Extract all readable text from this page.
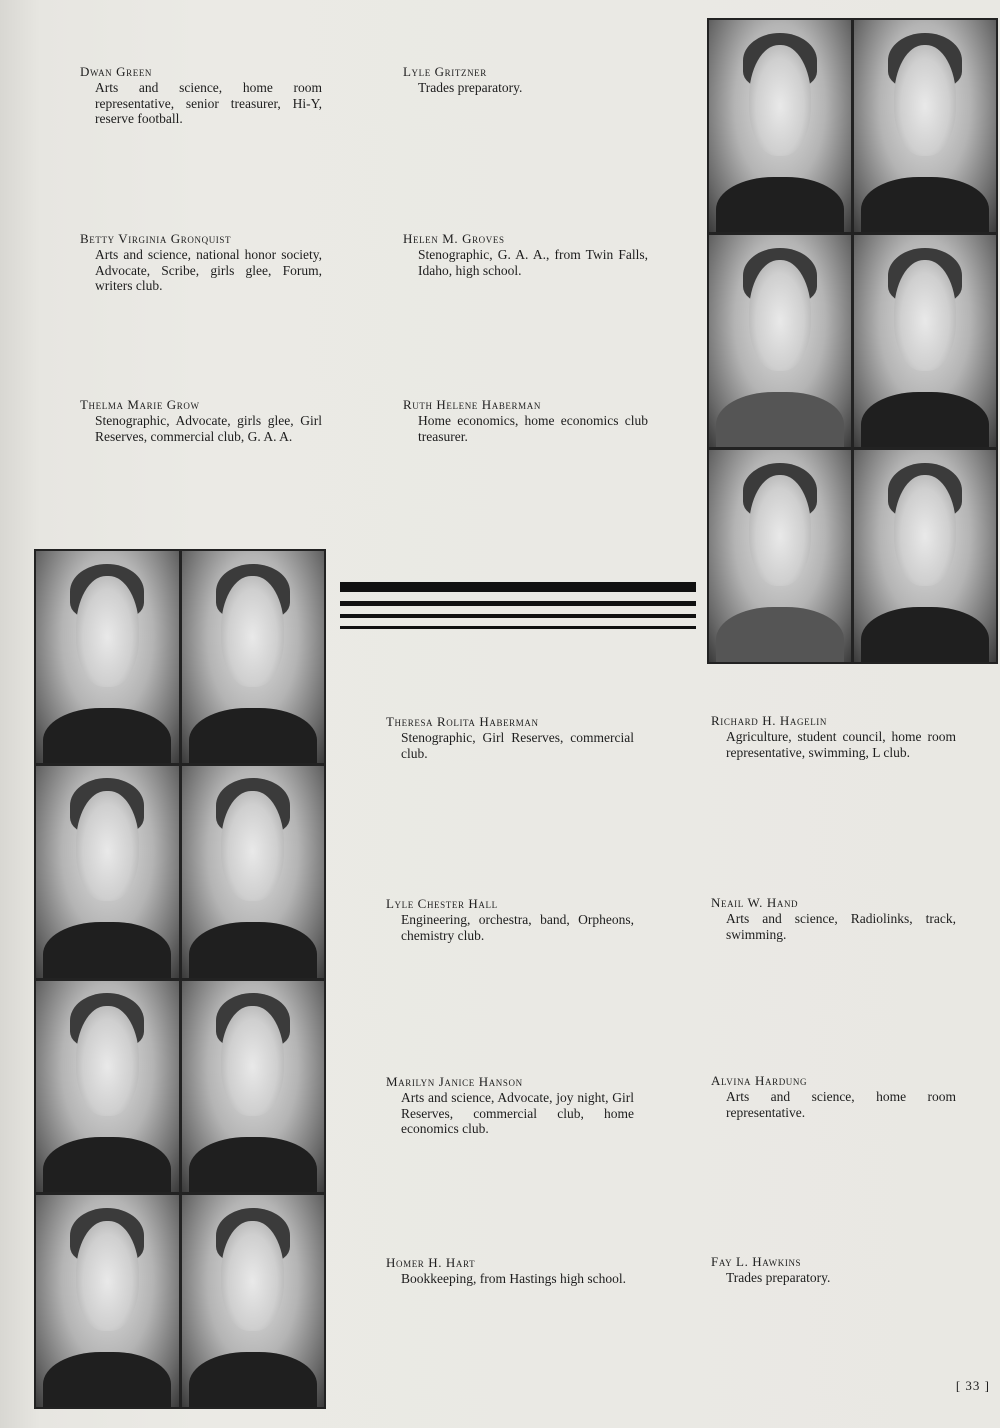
Dwan Green
Arts and science, home room representative, senior treasurer, Hi-Y, reserve football.
Lyle Gritzner
Trades preparatory.
Betty Virginia Gronquist
Arts and science, national honor society, Advocate, Scribe, girls glee, Forum, writers club.
Helen M. Groves
Stenographic, G. A. A., from Twin Falls, Idaho, high school.
Thelma Marie Grow
Stenographic, Advocate, girls glee, Girl Reserves, commercial club, G. A. A.
Ruth Helene Haberman
Home economics, home economics club treasurer.
Theresa Rolita Haberman
Stenographic, Girl Reserves, commercial club.
Richard H. Hagelin
Agriculture, student council, home room representative, swimming, L club.
Lyle Chester Hall
Engineering, orchestra, band, Orpheons, chemistry club.
Neail W. Hand
Arts and science, Radiolinks, track, swimming.
Marilyn Janice Hanson
Arts and science, Advocate, joy night, Girl Reserves, commercial club, home economics club.
Alvina Hardung
Arts and science, home room representative.
Homer H. Hart
Bookkeeping, from Hastings high school.
Fay L. Hawkins
Trades preparatory.
[ 33 ]
